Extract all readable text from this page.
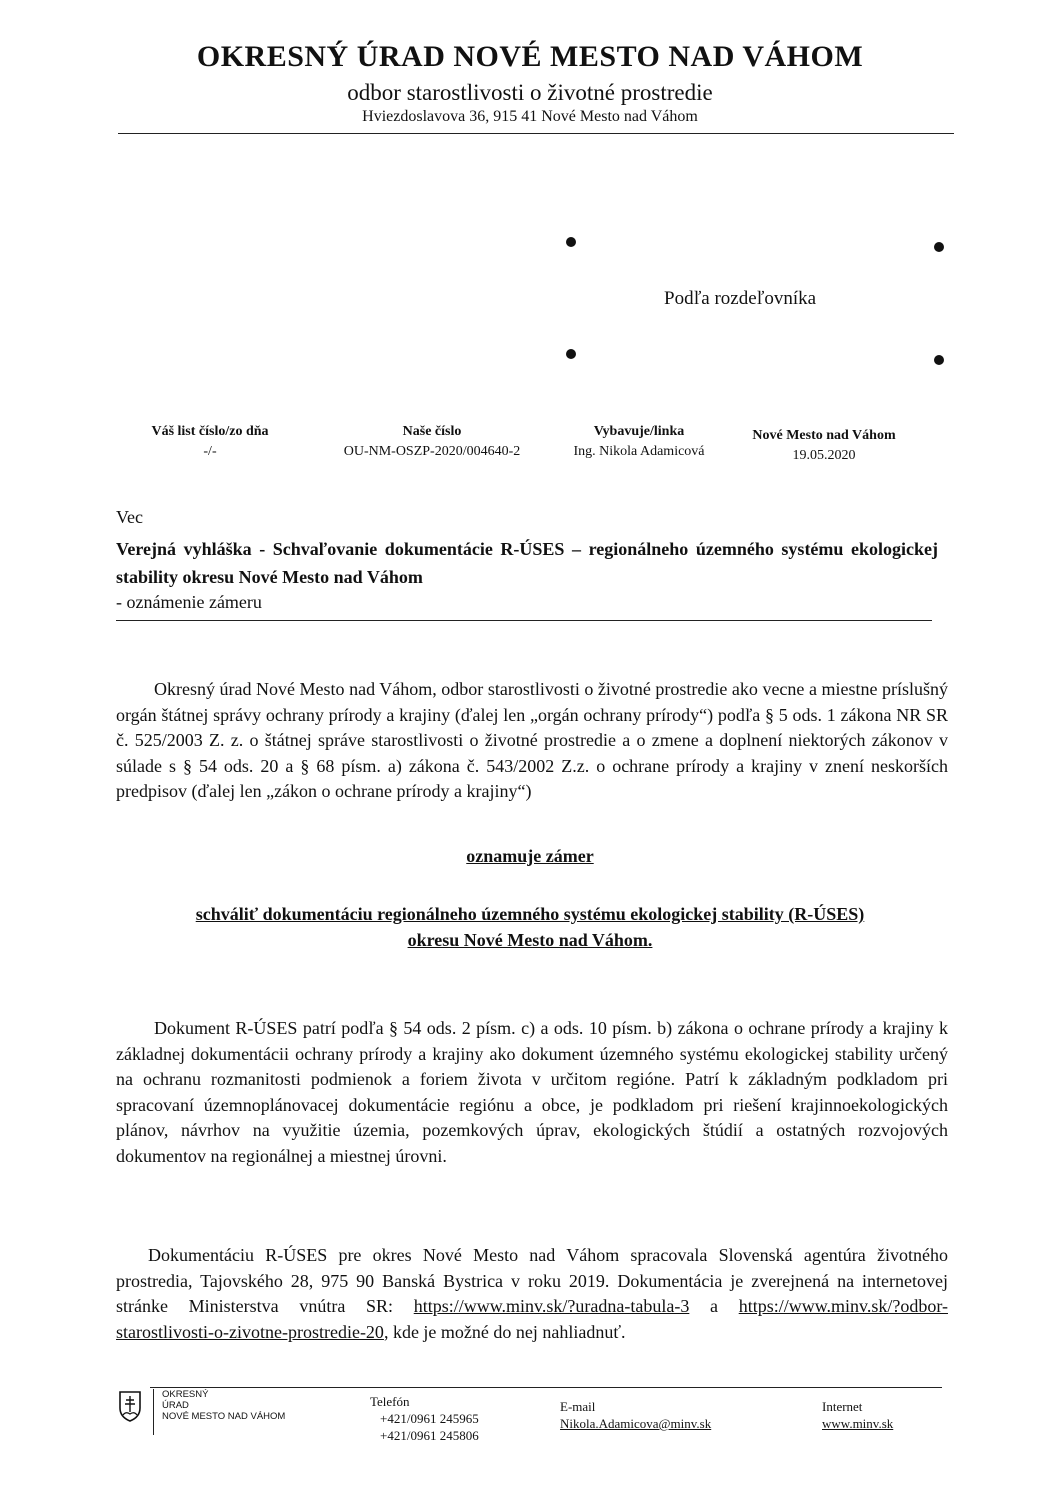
OKRESNÝ ÚRAD NOVÉ MESTO NAD VÁHOM
odbor starostlivosti o životné prostredie
Hviezdoslavova 36, 915 41 Nové Mesto nad Váhom
Podľa rozdeľovníka
Váš list číslo/zo dňa
-/-
Naše číslo
OU-NM-OSZP-2020/004640-2
Vybavuje/linka
Ing. Nikola Adamicová
Nové Mesto nad Váhom
19.05.2020
Vec
Verejná vyhláška - Schvaľovanie dokumentácie R-ÚSES – regionálneho územného systému ekologickej stability okresu Nové Mesto nad Váhom
- oznámenie zámeru
Okresný úrad Nové Mesto nad Váhom, odbor starostlivosti o životné prostredie ako vecne a miestne príslušný orgán štátnej správy ochrany prírody a krajiny (ďalej len „orgán ochrany prírody“) podľa § 5 ods. 1 zákona NR SR č. 525/2003 Z. z. o štátnej správe starostlivosti o životné prostredie a o zmene a doplnení niektorých zákonov v súlade s § 54 ods. 20 a § 68 písm. a) zákona č. 543/2002 Z.z. o ochrane prírody a krajiny v znení neskorších predpisov (ďalej len „zákon o ochrane prírody a krajiny“)
oznamuje zámer
schváliť dokumentáciu regionálneho územného systému ekologickej stability (R-ÚSES)
okresu Nové Mesto nad Váhom.
Dokument R-ÚSES patrí podľa § 54 ods. 2 písm. c) a ods. 10 písm. b) zákona o ochrane prírody a krajiny k základnej dokumentácii ochrany prírody a krajiny ako dokument územného systému ekologickej stability určený na ochranu rozmanitosti podmienok a foriem života v určitom regióne. Patrí k základným podkladom pri spracovaní územnoplánovacej dokumentácie regiónu a obce, je podkladom pri riešení krajinnoekologických plánov, návrhov na využitie územia, pozemkových úprav, ekologických štúdií a ostatných rozvojových dokumentov na regionálnej a miestnej úrovni.
Dokumentáciu R-ÚSES pre okres Nové Mesto nad Váhom spracovala Slovenská agentúra životného prostredia, Tajovského 28, 975 90 Banská Bystrica v roku 2019. Dokumentácia je zverejnená na internetovej stránke Ministerstva vnútra SR: https://www.minv.sk/?uradna-tabula-3 a https://www.minv.sk/?odbor-starostlivosti-o-zivotne-prostredie-20, kde je možné do nej nahliadnuť.
OKRESNÝ
ÚRAD
NOVÉ MESTO NAD VÁHOM
Telefón
+421/0961 245965
+421/0961 245806
E-mail
Nikola.Adamicova@minv.sk
Internet
www.minv.sk
